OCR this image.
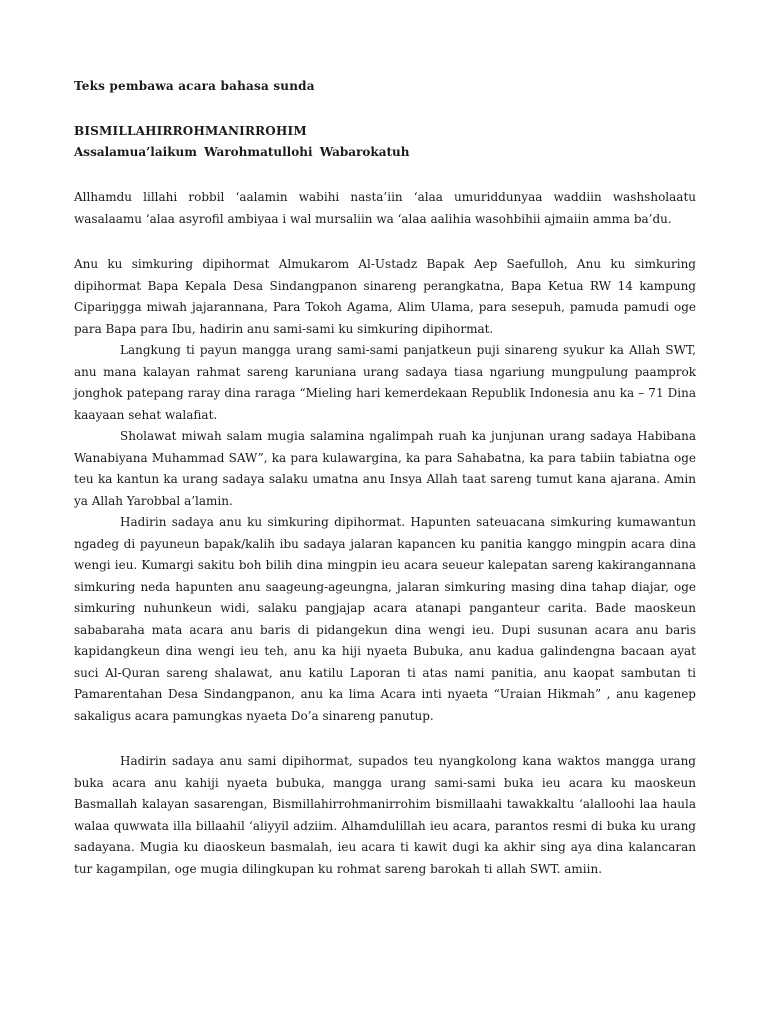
Teks pembawa acara bahasa sunda
BISMILLAHIRROHMANIRROHIM
Assalamua’laikum Warohmatullohi Wabarokatuh

Allhamdu lillahi robbil ‘aalamin wabihi nasta’iin ‘alaa umuriddunyaa waddiin washsholaatu wasalaamu ‘alaa asyrofil ambiyaa i wal mursaliin wa ‘alaa aalihia wasohbihii ajmaiin amma ba’du.

Anu ku simkuring dipihormat Almukarom Al-Ustadz Bapak Aep Saefulloh, Anu ku simkuring dipihormat Bapa Kepala Desa Sindangpanon sinareng perangkatna, Bapa Ketua RW 14 kampung Cipariŋgga miwah jajarannana, Para Tokoh Agama, Alim Ulama, para sesepuh, pamuda pamudi oge para Bapa para Ibu, hadirin anu sami-sami ku simkuring dipihormat.

Langkung ti payun mangga urang sami-sami panjatkeun puji sinareng syukur ka Allah SWT, anu mana kalayan rahmat sareng karuniana urang sadaya tiasa ngariung mungpulung paamprok jonghok patepang raray dina raraga “Mieling hari kemerdekaan Republik Indonesia anu ka – 71 Dina kaayaan sehat walafiat.

Sholawat miwah salam mugia salamina ngalimpah ruah ka junjunan urang sadaya Habibana Wanabiyana Muhammad SAW”, ka para kulawargina, ka para Sahabatna, ka para tabiin tabiatna oge teu ka kantun ka urang sadaya salaku umatna anu Insya Allah taat sareng tumut kana ajarana. Amin ya Allah Yarobbal a’lamin.

Hadirin sadaya anu ku simkuring dipihormat. Hapunten sateuacana simkuring kumawantun ngadeg di payuneun bapak/kalih ibu sadaya jalaran kapancen ku panitia kanggo mingpin acara dina wengi ieu. Kumargi sakitu boh bilih dina mingpin ieu acara seueur kalepatan sareng kakirangannana simkuring neda hapunten anu saageung-ageungna, jalaran simkuring masing dina tahap diajar, oge simkuring nuhunkeun widi, salaku pangjajap acara atanapi panganteur carita. Bade maoskeun sababaraha mata acara anu baris di pidangekun dina wengi ieu. Dupi susunan acara anu baris kapidangkeun dina wengi ieu teh, anu ka hiji nyaeta Bubuka, anu kadua galindengna bacaan ayat suci Al-Quran sareng shalawat, anu katilu Laporan ti atas nami panitia, anu kaopat sambutan ti Pamarentahan Desa Sindangpanon, anu ka lima Acara inti nyaeta “Uraian Hikmah” , anu kagenep sakaligus acara pamungkas nyaeta Do’a sinareng panutup.

Hadirin sadaya anu sami dipihormat, supados teu nyangkolong kana waktos mangga urang buka acara anu kahiji nyaeta bubuka, mangga urang sami-sami buka ieu acara ku maoskeun Basmallah kalayan sasarengan, Bismillahirrohmanirrohim bismillaahi tawakkaltu ‘alalloohi laa haula walaa quwwata illa billaahil ‘aliyyil adziim. Alhamdulillah ieu acara, parantos resmi di buka ku urang sadayana. Mugia ku diaoskeun basmalah, ieu acara ti kawit dugi ka akhir sing aya dina kalancaran tur kagampilan, oge mugia dilingkupan ku rohmat sareng barokah ti allah SWT. amiin.
